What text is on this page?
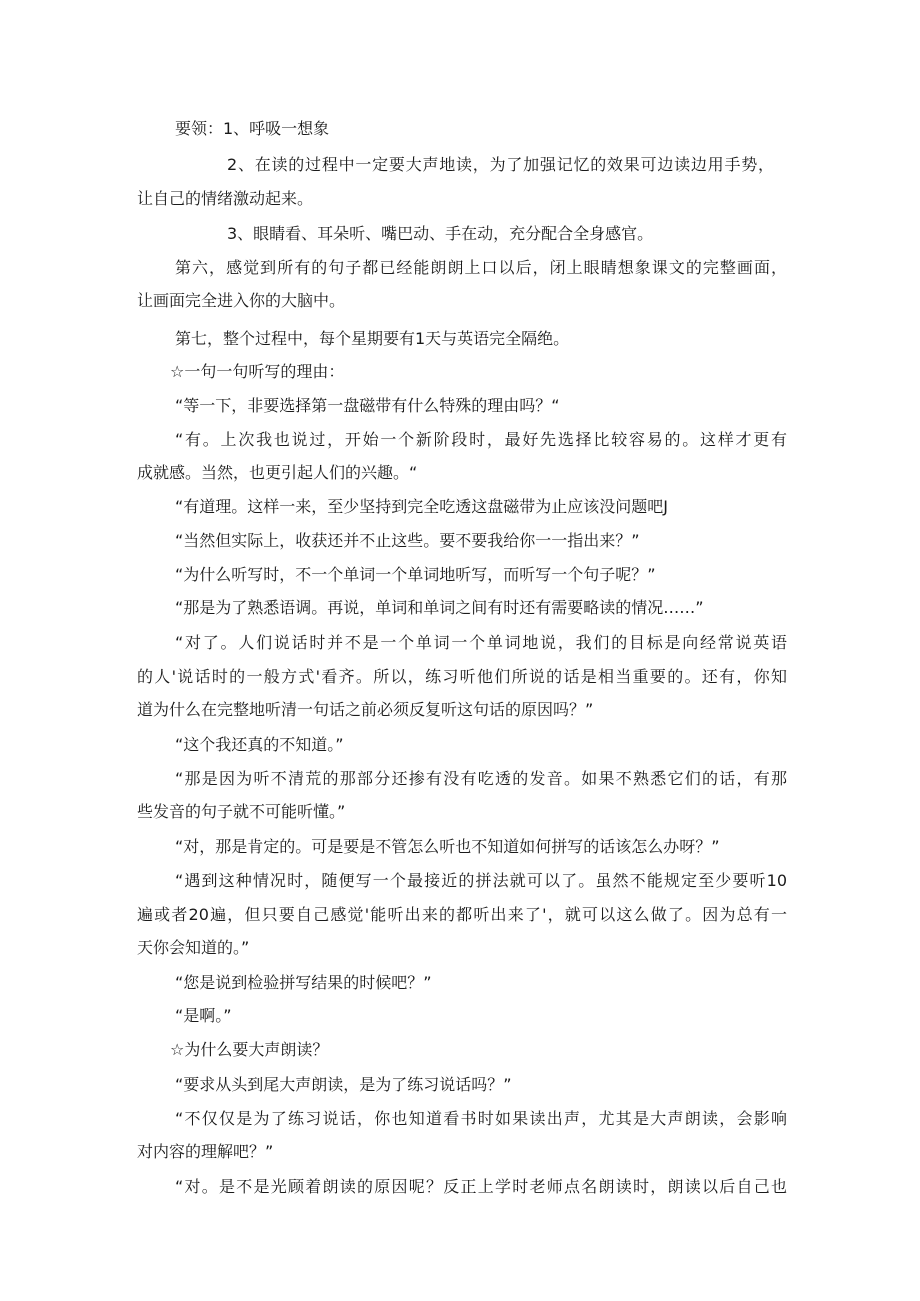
要领：1、呼吸一想象
2、在读的过程中一定要大声地读，为了加强记忆的效果可边读边用手势，
让自己的情绪激动起来。
3、眼睛看、耳朵听、嘴巴动、手在动，充分配合全身感官。
第六，感觉到所有的句子都已经能朗朗上口以后，闭上眼睛想象课文的完整画面，
让画面完全进入你的大脑中。
第七，整个过程中，每个星期要有1天与英语完全隔绝。
☆一句一句听写的理由：
“等一下，非要选择第一盘磁带有什么特殊的理由吗？“
“有。上次我也说过，开始一个新阶段时，最好先选择比较容易的。这样才更有
成就感。当然，也更引起人们的兴趣。“
“有道理。这样一来，至少坚持到完全吃透这盘磁带为止应该没问题吧J
“当然但实际上，收获还并不止这些。要不要我给你一一指出来？”
“为什么听写时，不一个单词一个单词地听写，而听写一个句子呢？”
“那是为了熟悉语调。再说，单词和单词之间有时还有需要略读的情况……”
“对了。人们说话时并不是一个单词一个单词地说，我们的目标是向经常说英语
的人'说话时的一般方式'看齐。所以，练习听他们所说的话是相当重要的。还有，你知
道为什么在完整地听清一句话之前必须反复听这句话的原因吗？”
“这个我还真的不知道。”
“那是因为听不清荒的那部分还掺有没有吃透的发音。如果不熟悉它们的话，有那
些发音的句子就不可能听懂。”
“对，那是肯定的。可是要是不管怎么听也不知道如何拼写的话该怎么办呀？”
“遇到这种情况时，随便写一个最接近的拼法就可以了。虽然不能规定至少要听10
遍或者20遍，但只要自己感觉'能听出来的都听出来了'，就可以这么做了。因为总有一
天你会知道的。”
“您是说到检验拼写结果的时候吧？”
“是啊。”
☆为什么要大声朗读？
“要求从头到尾大声朗读，是为了练习说话吗？”
“不仅仅是为了练习说话，你也知道看书时如果读出声，尤其是大声朗读，会影响
对内容的理解吧？”
“对。是不是光顾着朗读的原因呢？反正上学时老师点名朗读时，朗读以后自己也
